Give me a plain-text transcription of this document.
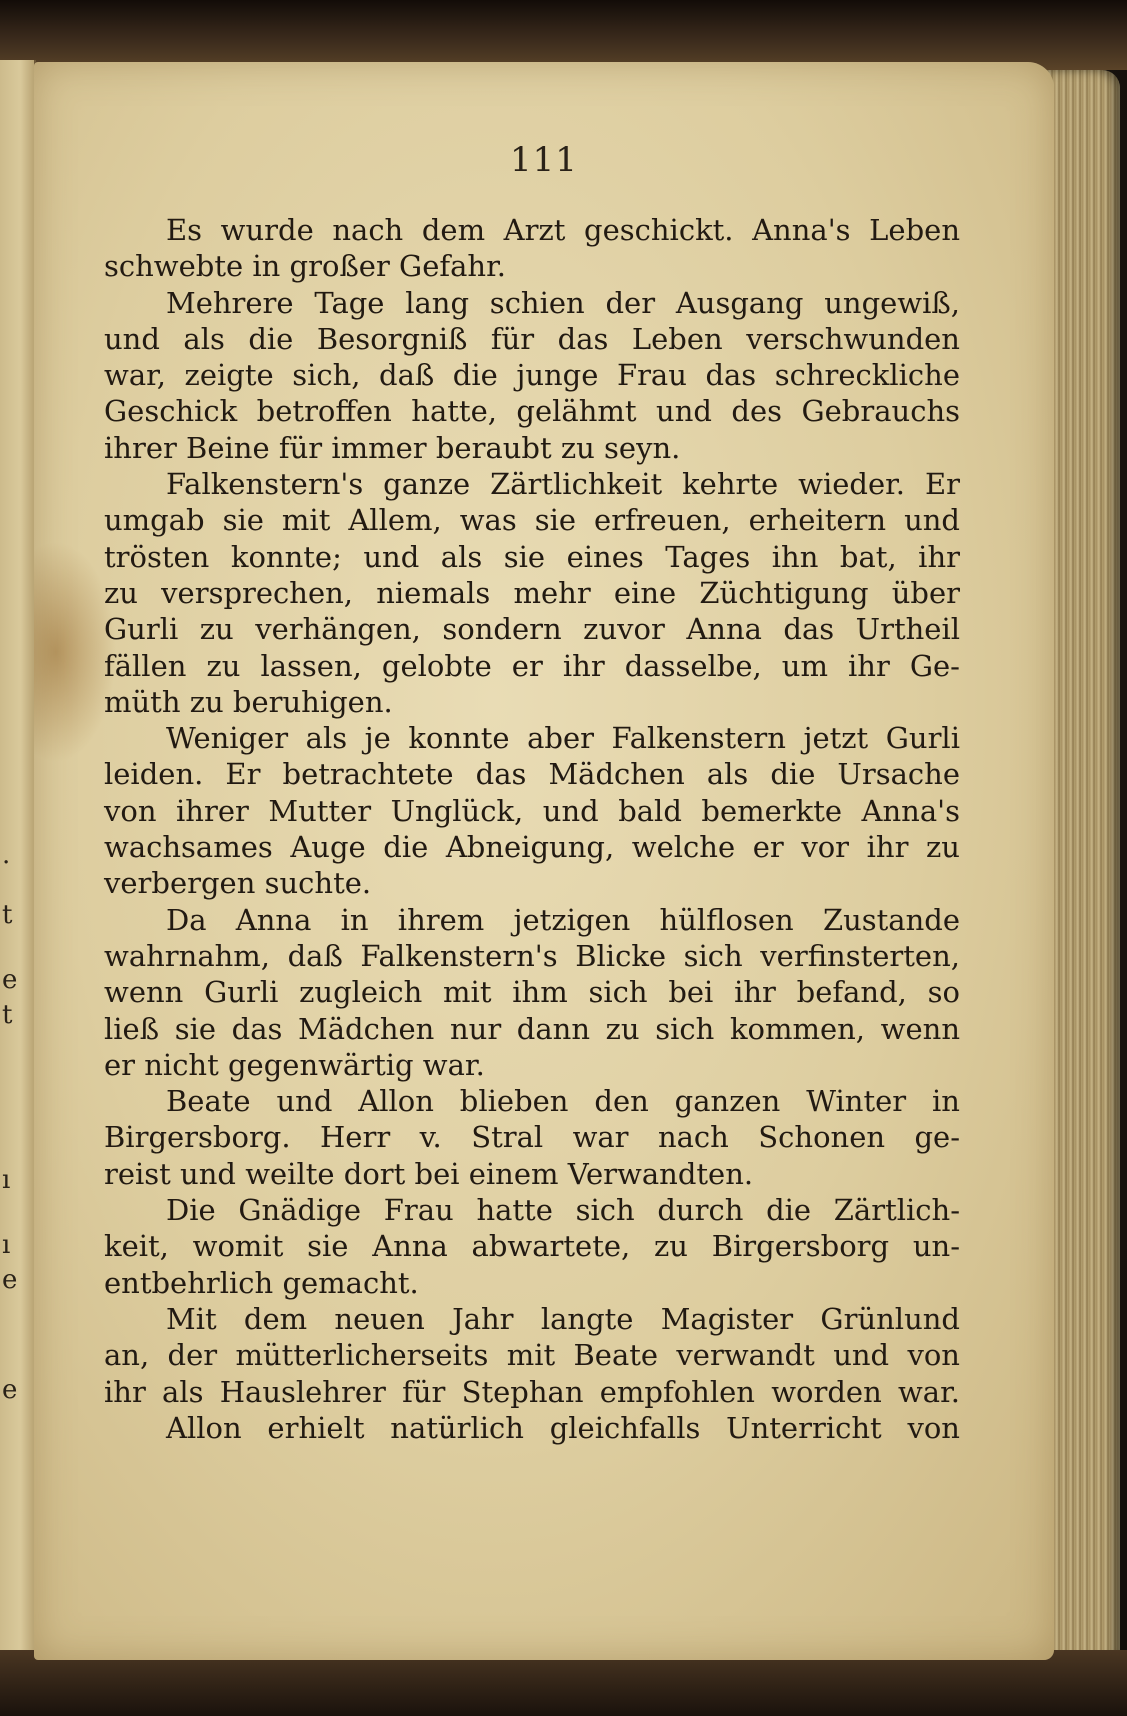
.
t
e
t
ı
ı
e
e
111
Es wurde nach dem Arzt geschickt. Anna's Leben
schwebte in großer Gefahr.
Mehrere Tage lang schien der Ausgang ungewiß,
und als die Besorgniß für das Leben verschwunden
war, zeigte sich, daß die junge Frau das schreckliche
Geschick betroffen hatte, gelähmt und des Gebrauchs
ihrer Beine für immer beraubt zu seyn.
Falkenstern's ganze Zärtlichkeit kehrte wieder. Er
umgab sie mit Allem, was sie erfreuen, erheitern und
trösten konnte; und als sie eines Tages ihn bat, ihr
zu versprechen, niemals mehr eine Züchtigung über
Gurli zu verhängen, sondern zuvor Anna das Urtheil
fällen zu lassen, gelobte er ihr dasselbe, um ihr Ge-
müth zu beruhigen.
Weniger als je konnte aber Falkenstern jetzt Gurli
leiden. Er betrachtete das Mädchen als die Ursache
von ihrer Mutter Unglück, und bald bemerkte Anna's
wachsames Auge die Abneigung, welche er vor ihr zu
verbergen suchte.
Da Anna in ihrem jetzigen hülflosen Zustande
wahrnahm, daß Falkenstern's Blicke sich verfinsterten,
wenn Gurli zugleich mit ihm sich bei ihr befand, so
ließ sie das Mädchen nur dann zu sich kommen, wenn
er nicht gegenwärtig war.
Beate und Allon blieben den ganzen Winter in
Birgersborg. Herr v. Stral war nach Schonen ge-
reist und weilte dort bei einem Verwandten.
Die Gnädige Frau hatte sich durch die Zärtlich-
keit, womit sie Anna abwartete, zu Birgersborg un-
entbehrlich gemacht.
Mit dem neuen Jahr langte Magister Grünlund
an, der mütterlicherseits mit Beate verwandt und von
ihr als Hauslehrer für Stephan empfohlen worden war.
Allon erhielt natürlich gleichfalls Unterricht von
